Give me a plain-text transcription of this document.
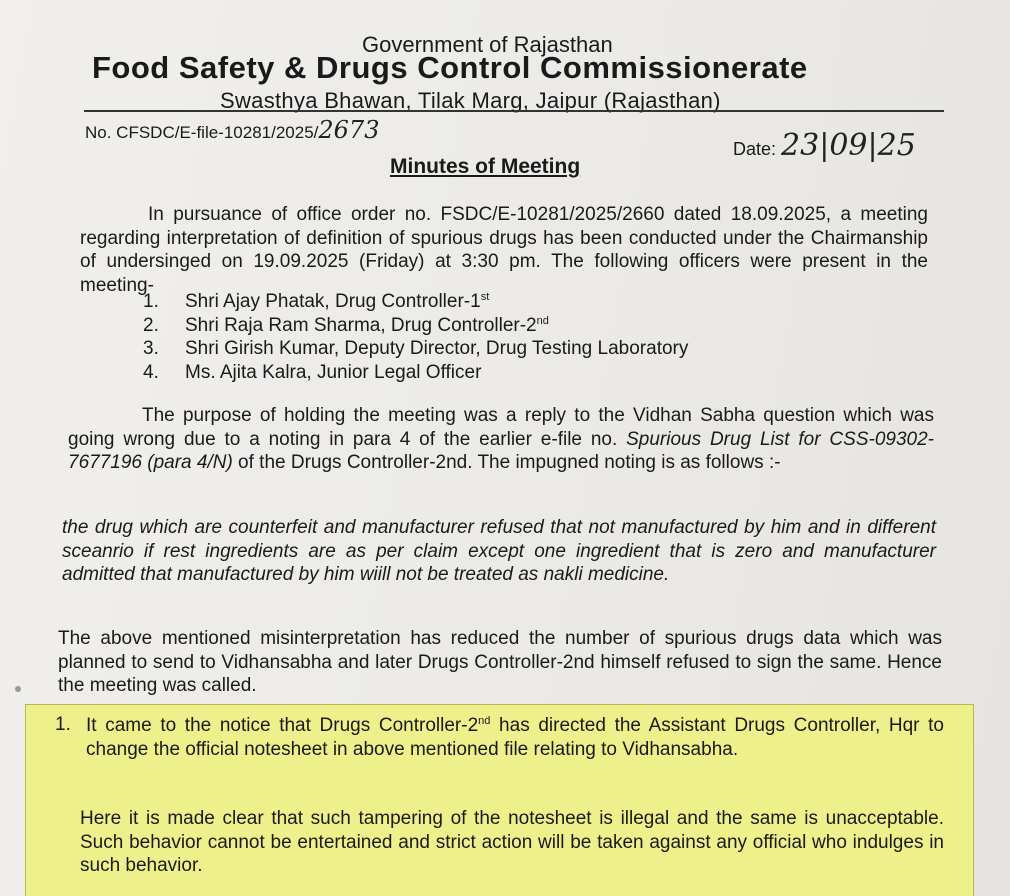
Government of Rajasthan
Food Safety & Drugs Control Commissionerate
Swasthya Bhawan, Tilak Marg, Jaipur (Rajasthan)
No. CFSDC/E-file-10281/2025/2673
Date: 23|09|25
Minutes of Meeting
In pursuance of office order no. FSDC/E-10281/2025/2660 dated 18.09.2025, a meeting regarding interpretation of definition of spurious drugs has been conducted under the Chairmanship of undersinged on 19.09.2025 (Friday) at 3:30 pm. The following officers were present in the meeting-
1. Shri Ajay Phatak, Drug Controller-1st
2. Shri Raja Ram Sharma, Drug Controller-2nd
3. Shri Girish Kumar, Deputy Director, Drug Testing Laboratory
4. Ms. Ajita Kalra, Junior Legal Officer
The purpose of holding the meeting was a reply to the Vidhan Sabha question which was going wrong due to a noting in para 4 of the earlier e-file no. Spurious Drug List for CSS-09302-7677196 (para 4/N) of the Drugs Controller-2nd. The impugned noting is as follows :-
the drug which are counterfeit and manufacturer refused that not manufactured by him and in different sceanrio if rest ingredients are as per claim except one ingredient that is zero and manufacturer admitted that manufactured by him wiill not be treated as nakli medicine.
The above mentioned misinterpretation has reduced the number of spurious drugs data which was planned to send to Vidhansabha and later Drugs Controller-2nd himself refused to sign the same. Hence the meeting was called.
1. It came to the notice that Drugs Controller-2nd has directed the Assistant Drugs Controller, Hqr to change the official notesheet in above mentioned file relating to Vidhansabha.
Here it is made clear that such tampering of the notesheet is illegal and the same is unacceptable. Such behavior cannot be entertained and strict action will be taken against any official who indulges in such behavior.
